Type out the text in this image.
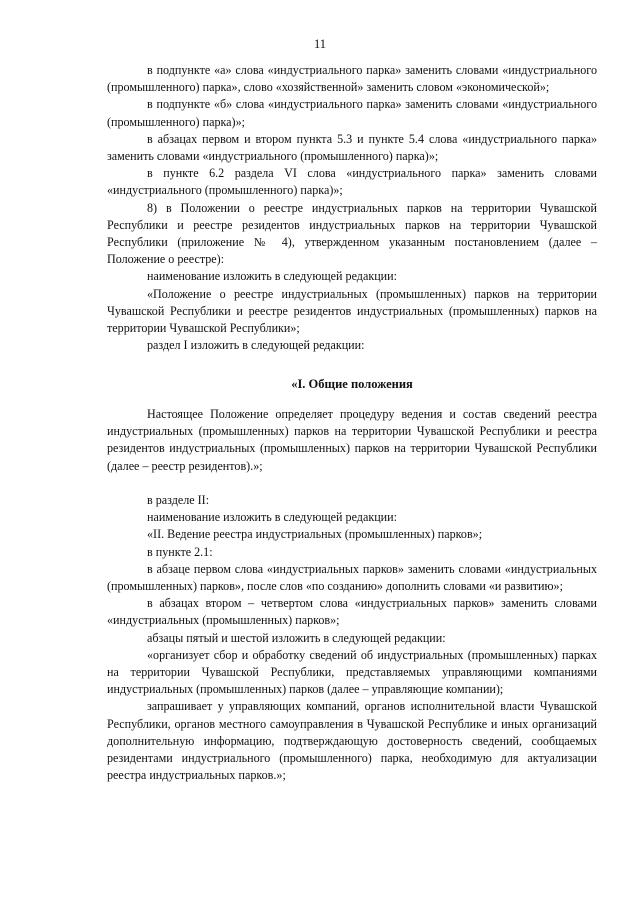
11

в подпункте «а» слова «индустриального парка» заменить словами «индустриального (промышленного) парка», слово «хозяйственной» заменить словом «экономической»;

в подпункте «б» слова «индустриального парка» заменить словами «индустриального (промышленного) парка)»;

в абзацах первом и втором пункта 5.3 и пункте 5.4 слова «индустриального парка» заменить словами «индустриального (промышленного) парка)»;

в пункте 6.2 раздела VI слова «индустриального парка» заменить словами «индустриального (промышленного) парка)»;

8) в Положении о реестре индустриальных парков на территории Чувашской Республики и реестре резидентов индустриальных парков на территории Чувашской Республики (приложение № 4), утвержденном указанным постановлением (далее – Положение о реестре):

наименование изложить в следующей редакции:

«Положение о реестре индустриальных (промышленных) парков на территории Чувашской Республики и реестре резидентов индустриальных (промышленных) парков на территории Чувашской Республики»;

раздел I изложить в следующей редакции:

«I. Общие положения

Настоящее Положение определяет процедуру ведения и состав сведений реестра индустриальных (промышленных) парков на территории Чувашской Республики и реестра резидентов индустриальных (промышленных) парков на территории Чувашской Республики (далее – реестр резидентов).»;

в разделе II:

наименование изложить в следующей редакции:

«II. Ведение реестра индустриальных (промышленных) парков»;

в пункте 2.1:

в абзаце первом слова «индустриальных парков» заменить словами «индустриальных (промышленных) парков», после слов «по созданию» дополнить словами «и развитию»;

в абзацах втором – четвертом слова «индустриальных парков» заменить словами «индустриальных (промышленных) парков»;

абзацы пятый и шестой изложить в следующей редакции:

«организует сбор и обработку сведений об индустриальных (промышленных) парках на территории Чувашской Республики, представляемых управляющими компаниями индустриальных (промышленных) парков (далее – управляющие компании);

запрашивает у управляющих компаний, органов исполнительной власти Чувашской Республики, органов местного самоуправления в Чувашской Республике и иных организаций дополнительную информацию, подтверждающую достоверность сведений, сообщаемых резидентами индустриального (промышленного) парка, необходимую для актуализации реестра индустриальных парков.»;
